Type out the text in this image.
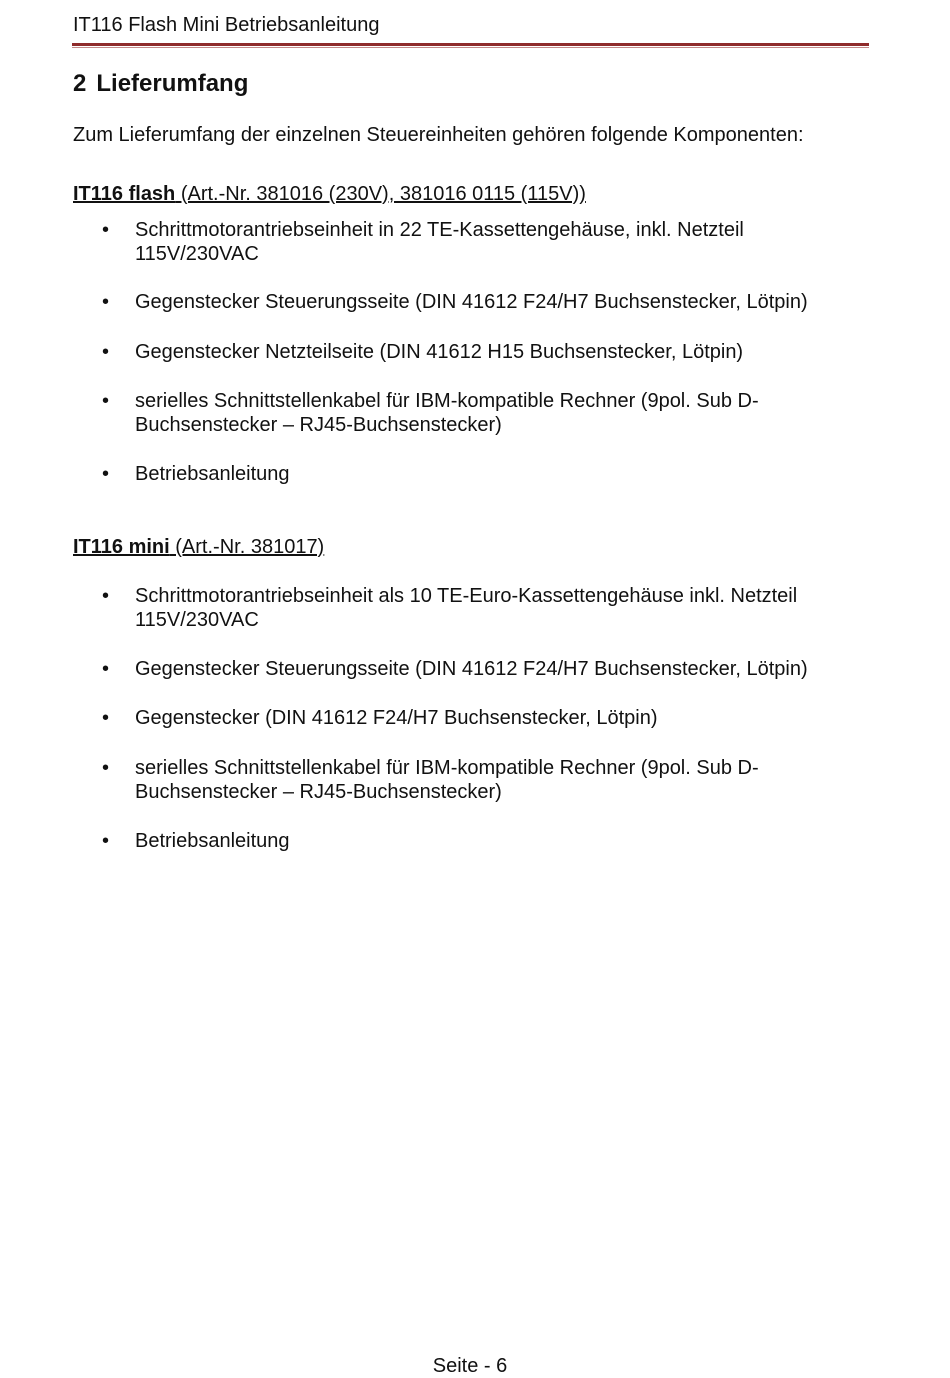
IT116 Flash Mini Betriebsanleitung
2 Lieferumfang
Zum Lieferumfang der einzelnen Steuereinheiten gehören folgende Komponenten:
IT116 flash (Art.-Nr. 381016 (230V), 381016 0115 (115V))
• Schrittmotorantriebseinheit in 22 TE-Kassettengehäuse, inkl. Netzteil
115V/230VAC
• Gegenstecker Steuerungsseite (DIN 41612 F24/H7 Buchsenstecker, Lötpin)
• Gegenstecker Netzteilseite (DIN 41612 H15 Buchsenstecker, Lötpin)
• serielles Schnittstellenkabel für IBM-kompatible Rechner (9pol. Sub D-
Buchsenstecker – RJ45-Buchsenstecker)
• Betriebsanleitung
IT116 mini (Art.-Nr. 381017)
• Schrittmotorantriebseinheit als 10 TE-Euro-Kassettengehäuse inkl. Netzteil
115V/230VAC
• Gegenstecker Steuerungsseite (DIN 41612 F24/H7 Buchsenstecker, Lötpin)
• Gegenstecker (DIN 41612 F24/H7 Buchsenstecker, Lötpin)
• serielles Schnittstellenkabel für IBM-kompatible Rechner (9pol. Sub D-
Buchsenstecker – RJ45-Buchsenstecker)
• Betriebsanleitung
Seite - 6
